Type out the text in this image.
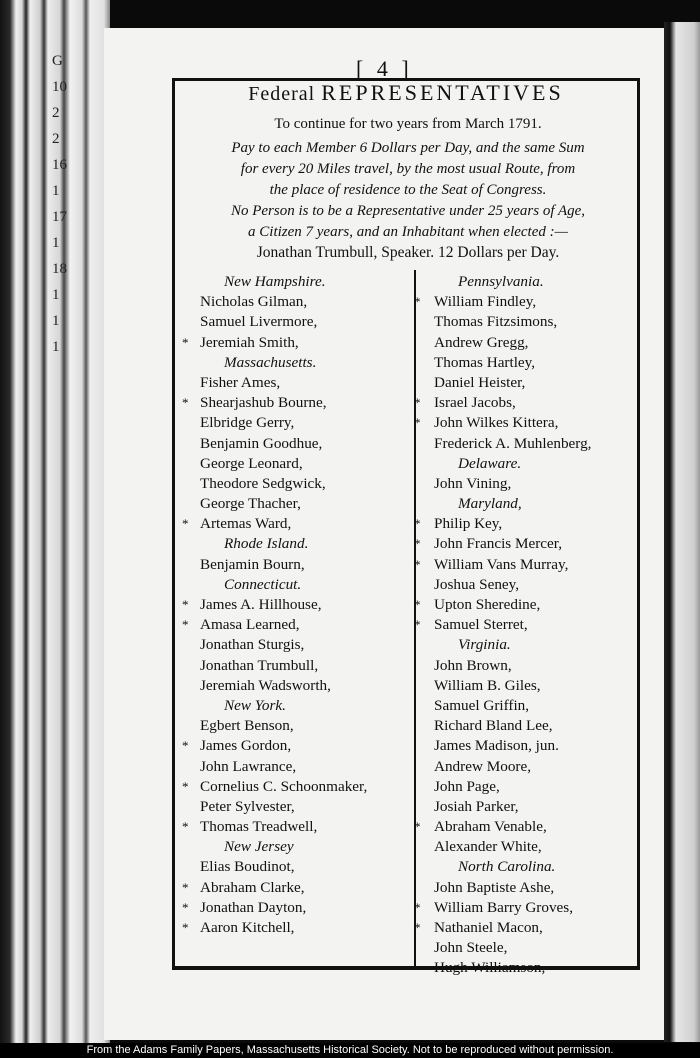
G
10
2
2
16
1
17
1
18
1
1
1
[ 4 ]
Federal REPRESENTATIVES
To continue for two years from March 1791.
Pay to each Member 6 Dollars per Day, and the same Sum
for every 20 Miles travel, by the most usual Route, from
the place of residence to the Seat of Congress.
No Person is to be a Representative under 25 years of Age,
a Citizen 7 years, and an Inhabitant when elected :—
Jonathan Trumbull, Speaker. 12 Dollars per Day.
New Hampshire.
Nicholas Gilman,
Samuel Livermore,
* Jeremiah Smith,
Massachusetts.
Fisher Ames,
* Shearjashub Bourne,
Elbridge Gerry,
Benjamin Goodhue,
George Leonard,
Theodore Sedgwick,
George Thacher,
* Artemas Ward,
Rhode Island.
Benjamin Bourn,
Connecticut.
* James A. Hillhouse,
* Amasa Learned,
Jonathan Sturgis,
Jonathan Trumbull,
Jeremiah Wadsworth,
New York.
Egbert Benson,
* James Gordon,
John Lawrance,
* Cornelius C. Schoonmaker,
Peter Sylvester,
* Thomas Treadwell,
New Jersey
Elias Boudinot,
* Abraham Clarke,
* Jonathan Dayton,
* Aaron Kitchell,
Pennsylvania.
* William Findley,
Thomas Fitzsimons,
Andrew Gregg,
Thomas Hartley,
Daniel Heister,
* Israel Jacobs,
* John Wilkes Kittera,
Frederick A. Muhlenberg,
Delaware.
John Vining,
Maryland,
* Philip Key,
* John Francis Mercer,
* William Vans Murray,
Joshua Seney,
* Upton Sheredine,
* Samuel Sterret,
Virginia.
John Brown,
William B. Giles,
Samuel Griffin,
Richard Bland Lee,
James Madison, jun.
Andrew Moore,
John Page,
Josiah Parker,
* Abraham Venable,
Alexander White,
North Carolina.
John Baptiste Ashe,
* William Barry Groves,
* Nathaniel Macon,
John Steele,
Hugh Williamson,
From the Adams Family Papers, Massachusetts Historical Society. Not to be reproduced without permission.
